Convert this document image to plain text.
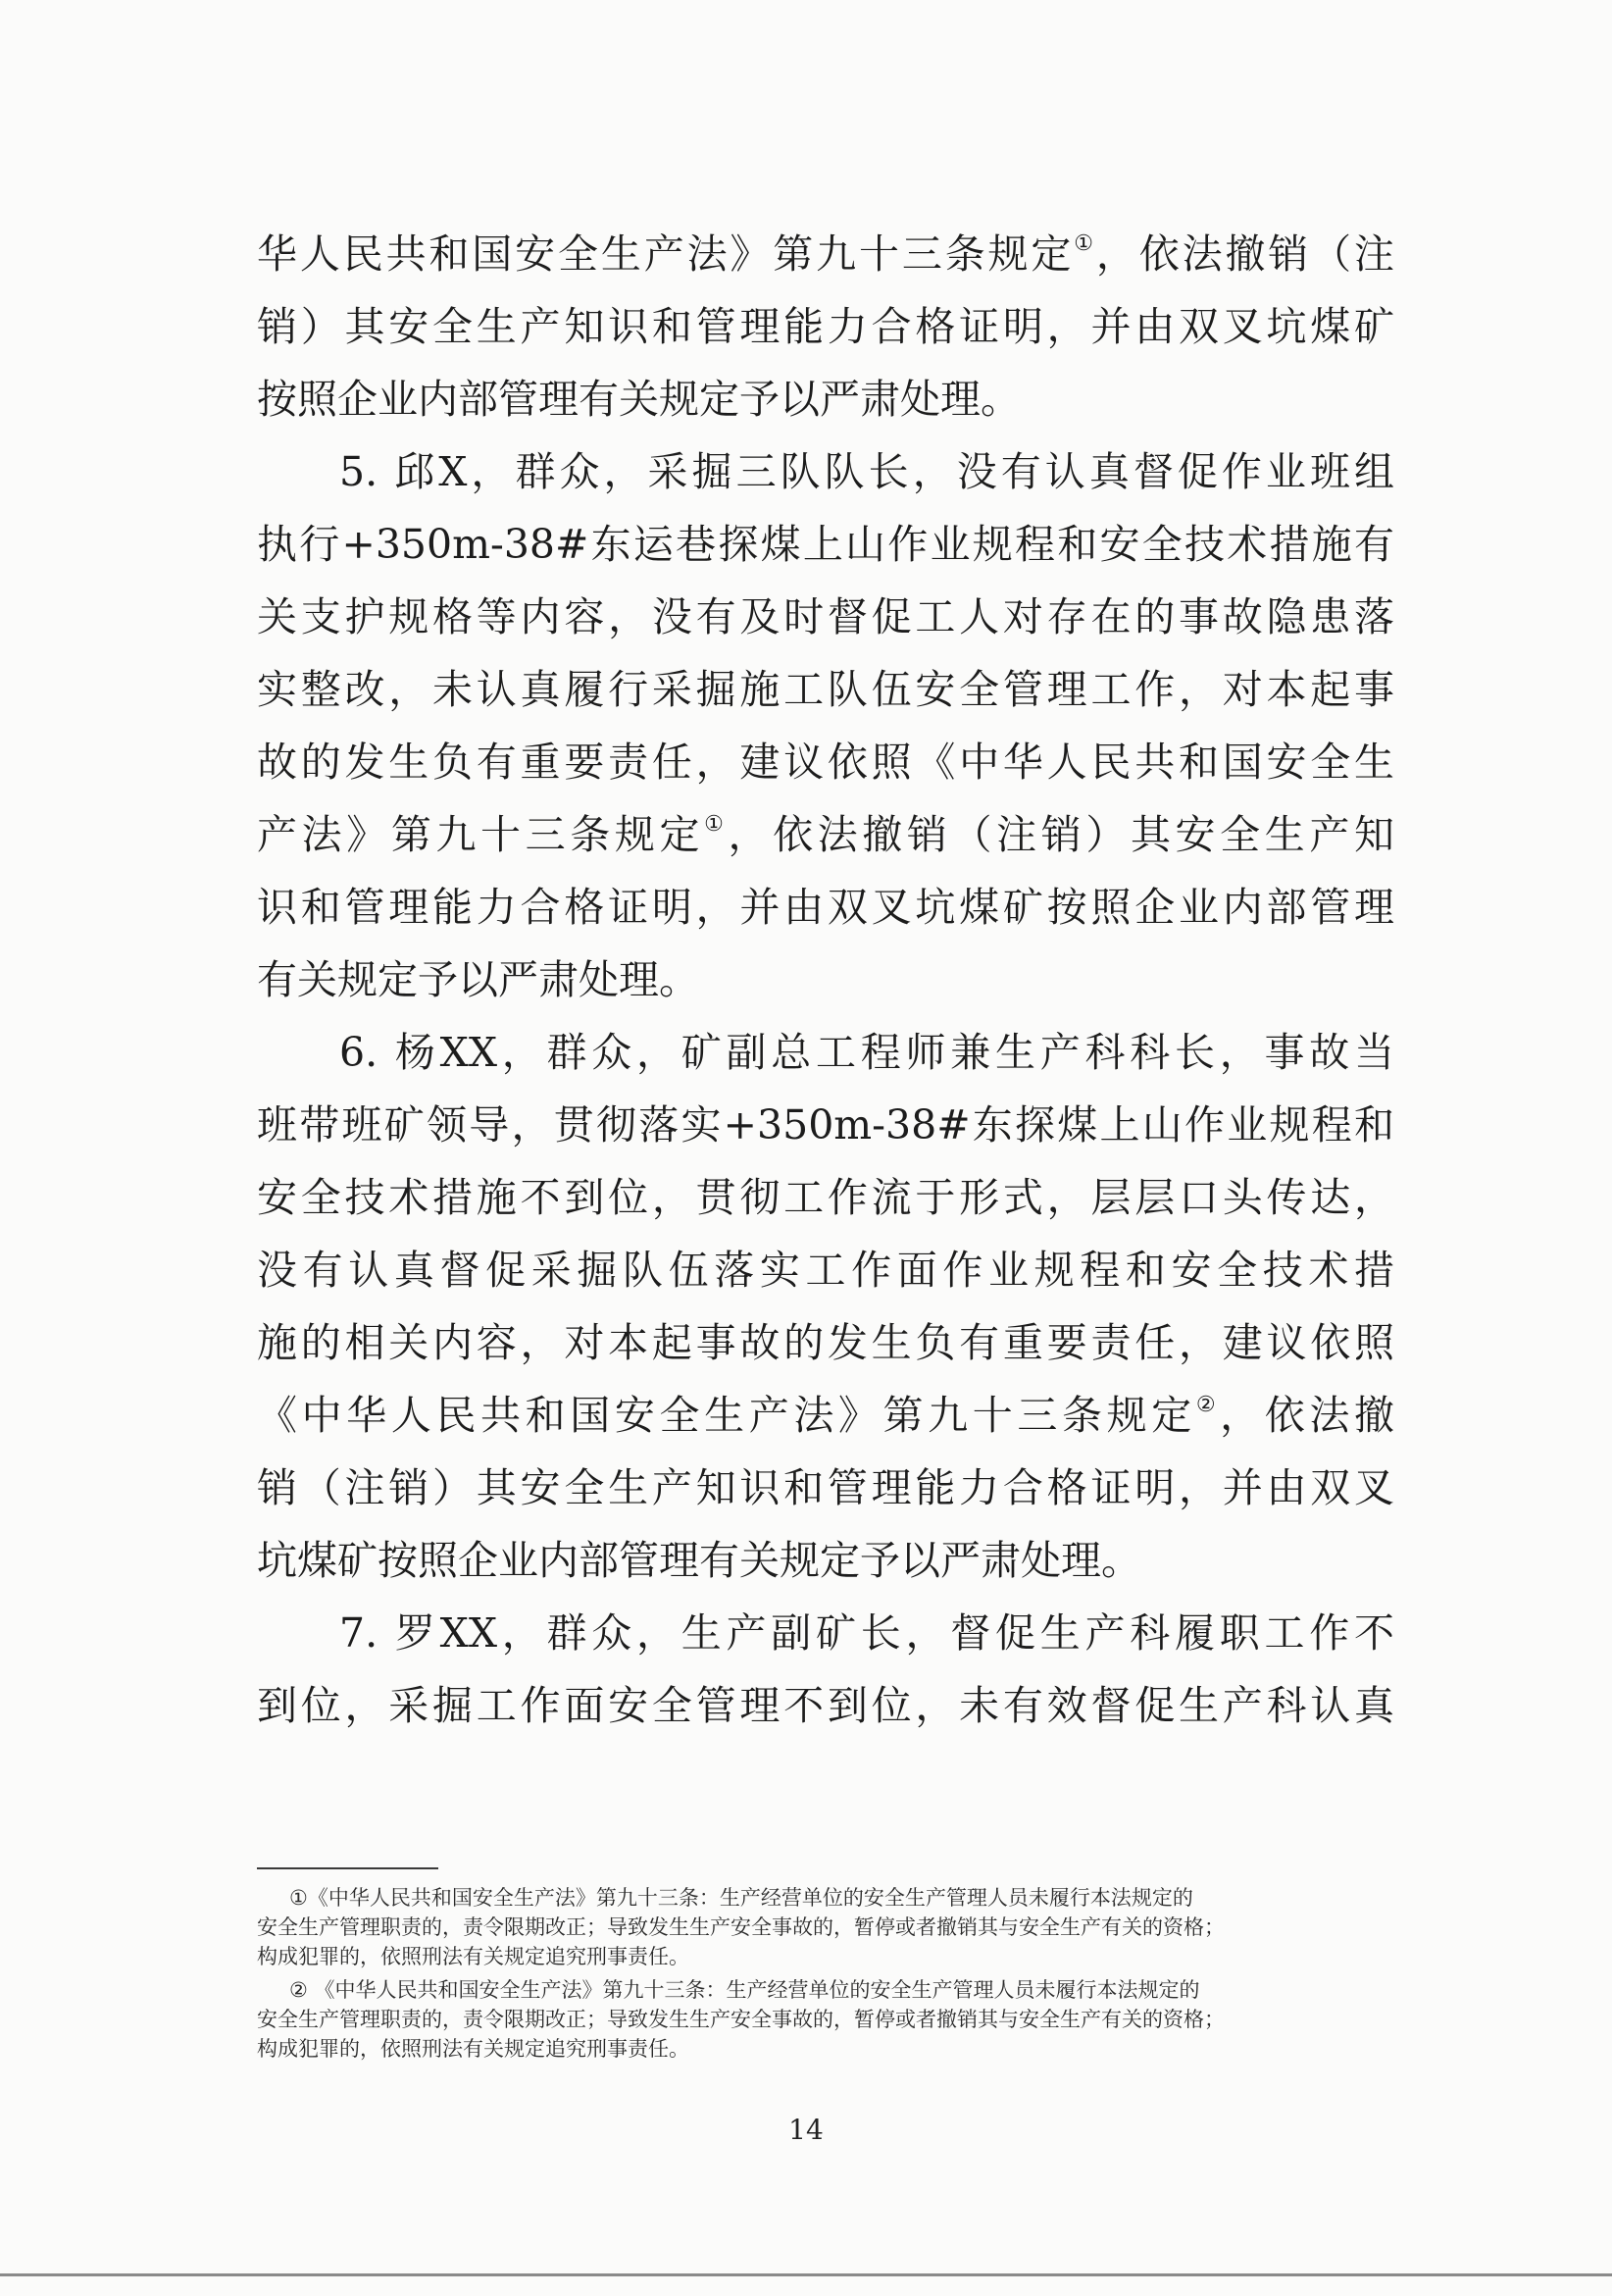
华人民共和国安全生产法》第九十三条规定①，依法撤销（注
销）其安全生产知识和管理能力合格证明，并由双叉坑煤矿
按照企业内部管理有关规定予以严肃处理。
5. 邱X，群众，采掘三队队长，没有认真督促作业班组
执行+350m-38#东运巷探煤上山作业规程和安全技术措施有
关支护规格等内容，没有及时督促工人对存在的事故隐患落
实整改，未认真履行采掘施工队伍安全管理工作，对本起事
故的发生负有重要责任，建议依照《中华人民共和国安全生
产法》第九十三条规定①，依法撤销（注销）其安全生产知
识和管理能力合格证明，并由双叉坑煤矿按照企业内部管理
有关规定予以严肃处理。
6. 杨XX，群众，矿副总工程师兼生产科科长，事故当
班带班矿领导，贯彻落实+350m-38#东探煤上山作业规程和
安全技术措施不到位，贯彻工作流于形式，层层口头传达，
没有认真督促采掘队伍落实工作面作业规程和安全技术措
施的相关内容，对本起事故的发生负有重要责任，建议依照
《中华人民共和国安全生产法》第九十三条规定②，依法撤
销（注销）其安全生产知识和管理能力合格证明，并由双叉
坑煤矿按照企业内部管理有关规定予以严肃处理。
7. 罗XX，群众，生产副矿长，督促生产科履职工作不
到位，采掘工作面安全管理不到位，未有效督促生产科认真
①《中华人民共和国安全生产法》第九十三条：生产经营单位的安全生产管理人员未履行本法规定的
安全生产管理职责的，责令限期改正；导致发生生产安全事故的，暂停或者撤销其与安全生产有关的资格；
构成犯罪的，依照刑法有关规定追究刑事责任。
② 《中华人民共和国安全生产法》第九十三条：生产经营单位的安全生产管理人员未履行本法规定的
安全生产管理职责的，责令限期改正；导致发生生产安全事故的，暂停或者撤销其与安全生产有关的资格；
构成犯罪的，依照刑法有关规定追究刑事责任。
14
